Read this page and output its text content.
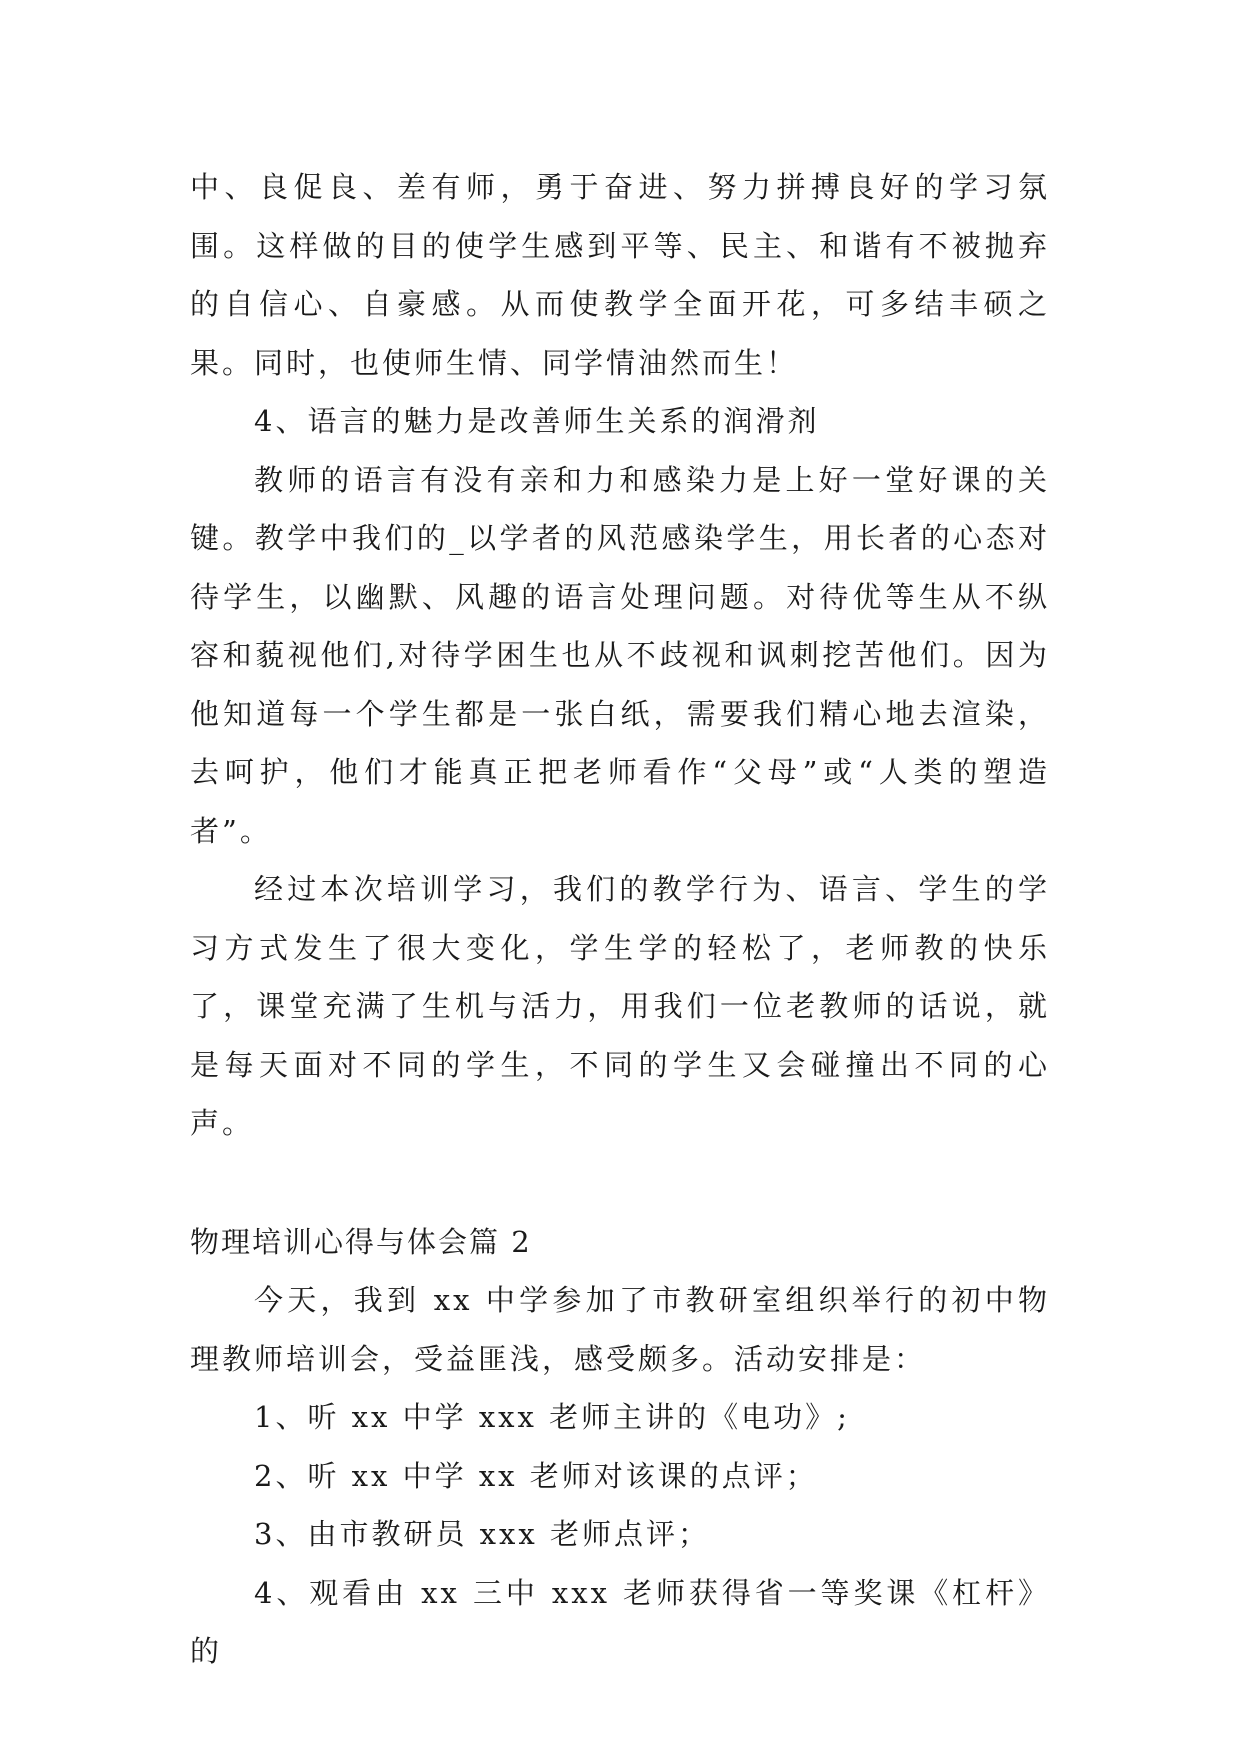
中、良促良、差有师，勇于奋进、努力拼搏良好的学习氛围。这样做的目的使学生感到平等、民主、和谐有不被抛弃的自信心、自豪感。从而使教学全面开花，可多结丰硕之果。同时，也使师生情、同学情油然而生！

4、语言的魅力是改善师生关系的润滑剂

教师的语言有没有亲和力和感染力是上好一堂好课的关键。教学中我们的_以学者的风范感染学生，用长者的心态对待学生，以幽默、风趣的语言处理问题。对待优等生从不纵容和藐视他们,对待学困生也从不歧视和讽刺挖苦他们。因为他知道每一个学生都是一张白纸，需要我们精心地去渲染，去呵护，他们才能真正把老师看作“父母”或“人类的塑造者”。

经过本次培训学习，我们的教学行为、语言、学生的学习方式发生了很大变化，学生学的轻松了，老师教的快乐了，课堂充满了生机与活力，用我们一位老教师的话说，就是每天面对不同的学生，不同的学生又会碰撞出不同的心声。

物理培训心得与体会篇 2

今天，我到 xx 中学参加了市教研室组织举行的初中物理教师培训会，受益匪浅，感受颇多。活动安排是：

1、听 xx 中学 xxx 老师主讲的《电功》;

2、听 xx 中学 xx 老师对该课的点评；

3、由市教研员 xxx 老师点评；

4、观看由 xx 三中 xxx 老师获得省一等奖课《杠杆》的
